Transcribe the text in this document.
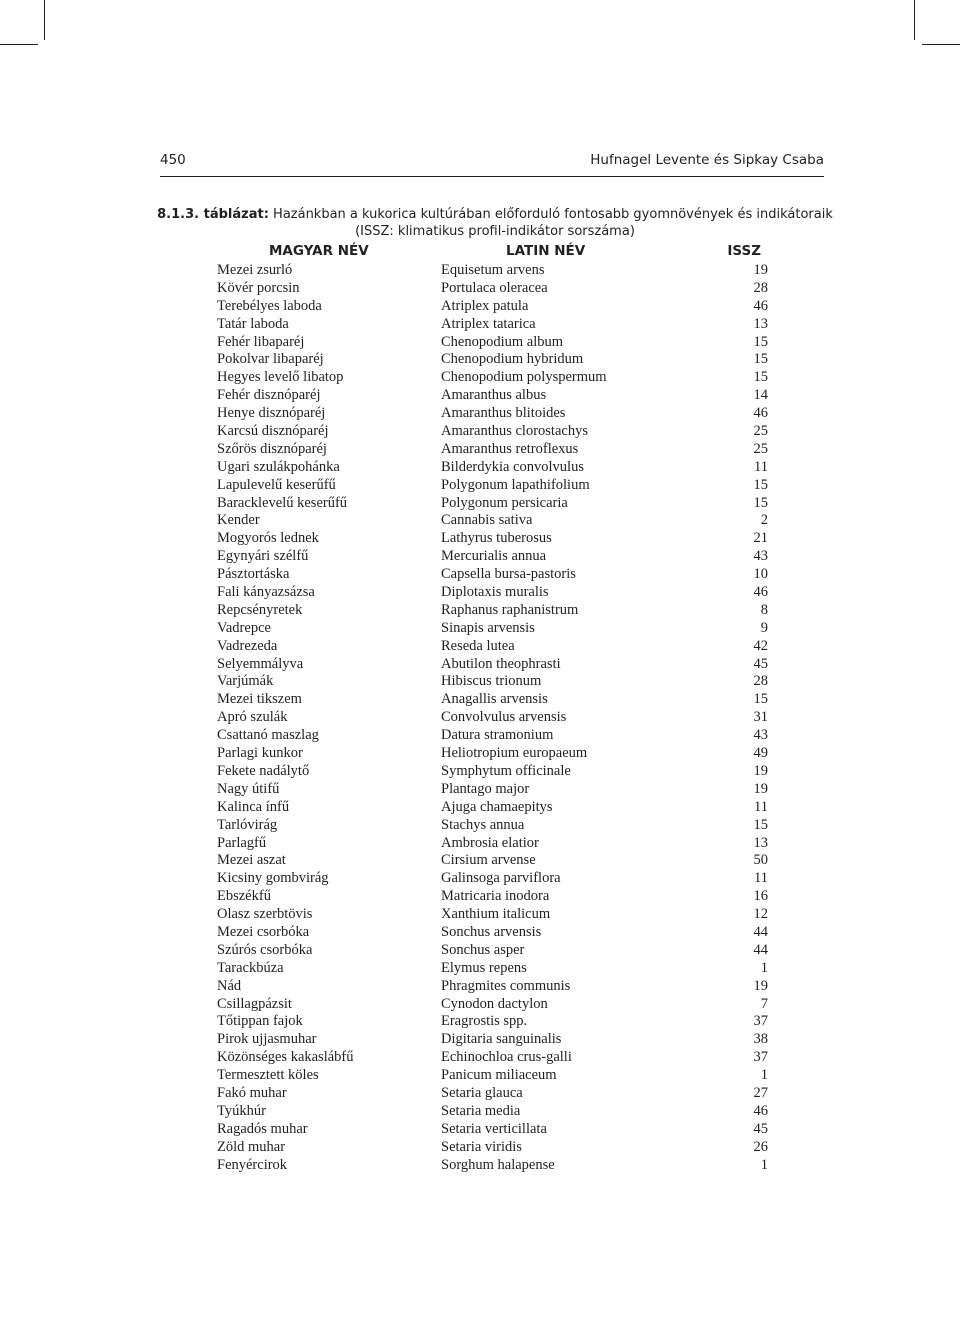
450	Hufnagel Levente és Sipkay Csaba
8.1.3. táblázat: Hazánkban a kukorica kultúrában előforduló fontosabb gyomnövények és indikátoraik
(ISSZ: klimatikus profil-indikátor sorszáma)
MAGYAR NÉV	LATIN NÉV	ISSZ
Mezei zsurló	Equisetum arvens	19
Kövér porcsin	Portulaca oleracea	28
Terebélyes laboda	Atriplex patula	46
Tatár laboda	Atriplex tatarica	13
Fehér libaparéj	Chenopodium album	15
Pokolvar libaparéj	Chenopodium hybridum	15
Hegyes levelő libatop	Chenopodium polyspermum	15
Fehér disznóparéj	Amaranthus albus	14
Henye disznóparéj	Amaranthus blitoides	46
Karcsú disznóparéj	Amaranthus clorostachys	25
Szőrös disznóparéj	Amaranthus retroflexus	25
Ugari szulákpohánka	Bilderdykia convolvulus	11
Lapulevelű keserűfű	Polygonum lapathifolium	15
Baracklevelű keserűfű	Polygonum persicaria	15
Kender	Cannabis sativa	2
Mogyorós lednek	Lathyrus tuberosus	21
Egynyári szélfű	Mercurialis annua	43
Pásztortáska	Capsella bursa-pastoris	10
Fali kányazsázsa	Diplotaxis muralis	46
Repcsényretek	Raphanus raphanistrum	8
Vadrepce	Sinapis arvensis	9
Vadrezeda	Reseda lutea	42
Selyemmályva	Abutilon theophrasti	45
Varjúmák	Hibiscus trionum	28
Mezei tikszem	Anagallis arvensis	15
Apró szulák	Convolvulus arvensis	31
Csattanó maszlag	Datura stramonium	43
Parlagi kunkor	Heliotropium europaeum	49
Fekete nadálytő	Symphytum officinale	19
Nagy útifű	Plantago major	19
Kalinca ínfű	Ajuga chamaepitys	11
Tarlóvirág	Stachys annua	15
Parlagfű	Ambrosia elatior	13
Mezei aszat	Cirsium arvense	50
Kicsiny gombvirág	Galinsoga parviflora	11
Ebszékfű	Matricaria inodora	16
Olasz szerbtövis	Xanthium italicum	12
Mezei csorbóka	Sonchus arvensis	44
Szúrós csorbóka	Sonchus asper	44
Tarackbúza	Elymus repens	1
Nád	Phragmites communis	19
Csillagpázsit	Cynodon dactylon	7
Tőtippan fajok	Eragrostis spp.	37
Pirok ujjasmuhar	Digitaria sanguinalis	38
Közönséges kakaslábfű	Echinochloa crus-galli	37
Termesztett köles	Panicum miliaceum	1
Fakó muhar	Setaria glauca	27
Tyúkhúr	Setaria media	46
Ragadós muhar	Setaria verticillata	45
Zöld muhar	Setaria viridis	26
Fenyércirok	Sorghum halapense	1
